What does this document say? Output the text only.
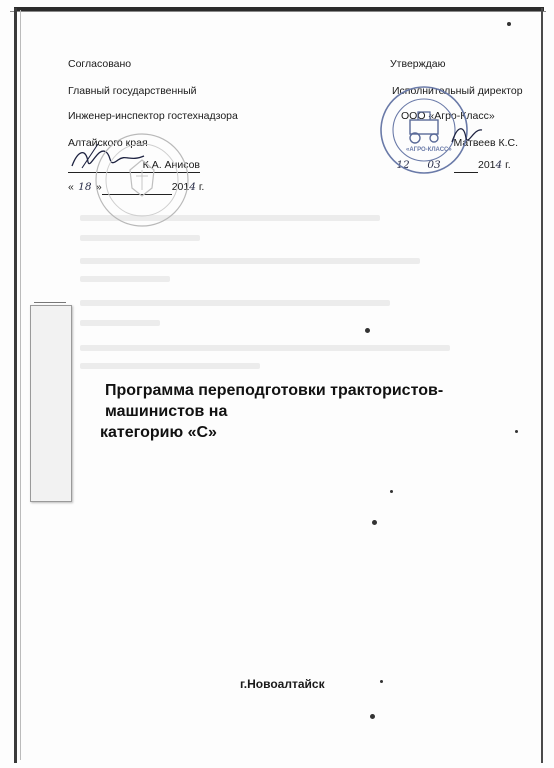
Согласовано
Главный государственный
Инженер-инспектор гостехнадзора
Алтайского края
К.А. Анисов
« 18 »	2014 г.
Утверждаю
Исполнительный директор
ООО «Агро-Класс»
Матвеев К.С.
12 03	2014 г.
«АГРО-КЛАСС»
Программа переподготовки трактористов-машинистов на
категорию «С»
г.Новоалтайск
